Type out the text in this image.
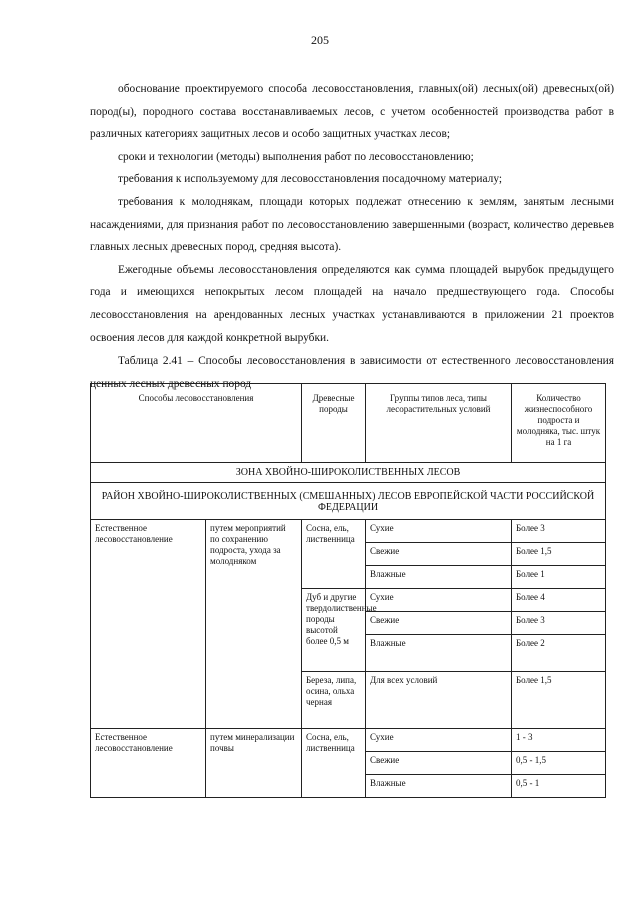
205

обоснование проектируемого способа лесовосстановления, главных(ой) лесных(ой) древесных(ой) пород(ы), породного состава восстанавливаемых лесов, с учетом особенностей производства работ в различных категориях защитных лесов и особо защитных участках лесов;

сроки и технологии (методы) выполнения работ по лесовосстановлению;

требования к используемому для лесовосстановления посадочному материалу;

требования к молоднякам, площади которых подлежат отнесению к землям, занятым лесными насаждениями, для признания работ по лесовосстановлению завершенными (возраст, количество деревьев главных лесных древесных пород, средняя высота).

Ежегодные объемы лесовосстановления определяются как сумма площадей вырубок предыдущего года и имеющихся непокрытых лесом площадей на начало предшествующего года. Способы лесовосстановления на арендованных лесных участках устанавливаются в приложении 21 проектов освоения лесов для каждой конкретной вырубки.

Таблица 2.41 – Способы лесовосстановления в зависимости от естественного лесовосстановления ценных лесных древесных пород

Способы лесовосстановления		Древесные породы	Группы типов леса, типы лесорастительных условий	Количество жизнеспособного подроста и молодняка, тыс. штук на 1 га
ЗОНА ХВОЙНО-ШИРОКОЛИСТВЕННЫХ ЛЕСОВ				
РАЙОН ХВОЙНО-ШИРОКОЛИСТВЕННЫХ (СМЕШАННЫХ) ЛЕСОВ ЕВРОПЕЙСКОЙ ЧАСТИ РОССИЙСКОЙ ФЕДЕРАЦИИ				
Естественное лесовосстановление	путем мероприятий по сохранению подроста, ухода за молодняком	Сосна, ель, лиственница	Сухие	Более 3
			Свежие	Более 1,5
			Влажные	Более 1
		Дуб и другие твердолиственные породы высотой более 0,5 м	Сухие	Более 4
			Свежие	Более 3
			Влажные	Более 2
		Береза, липа, осина, ольха черная	Для всех условий	Более 1,5
Естественное лесовосстановление	путем минерализации почвы	Сосна, ель, лиственница	Сухие	1 - 3
			Свежие	0,5 - 1,5
			Влажные	0,5 - 1
